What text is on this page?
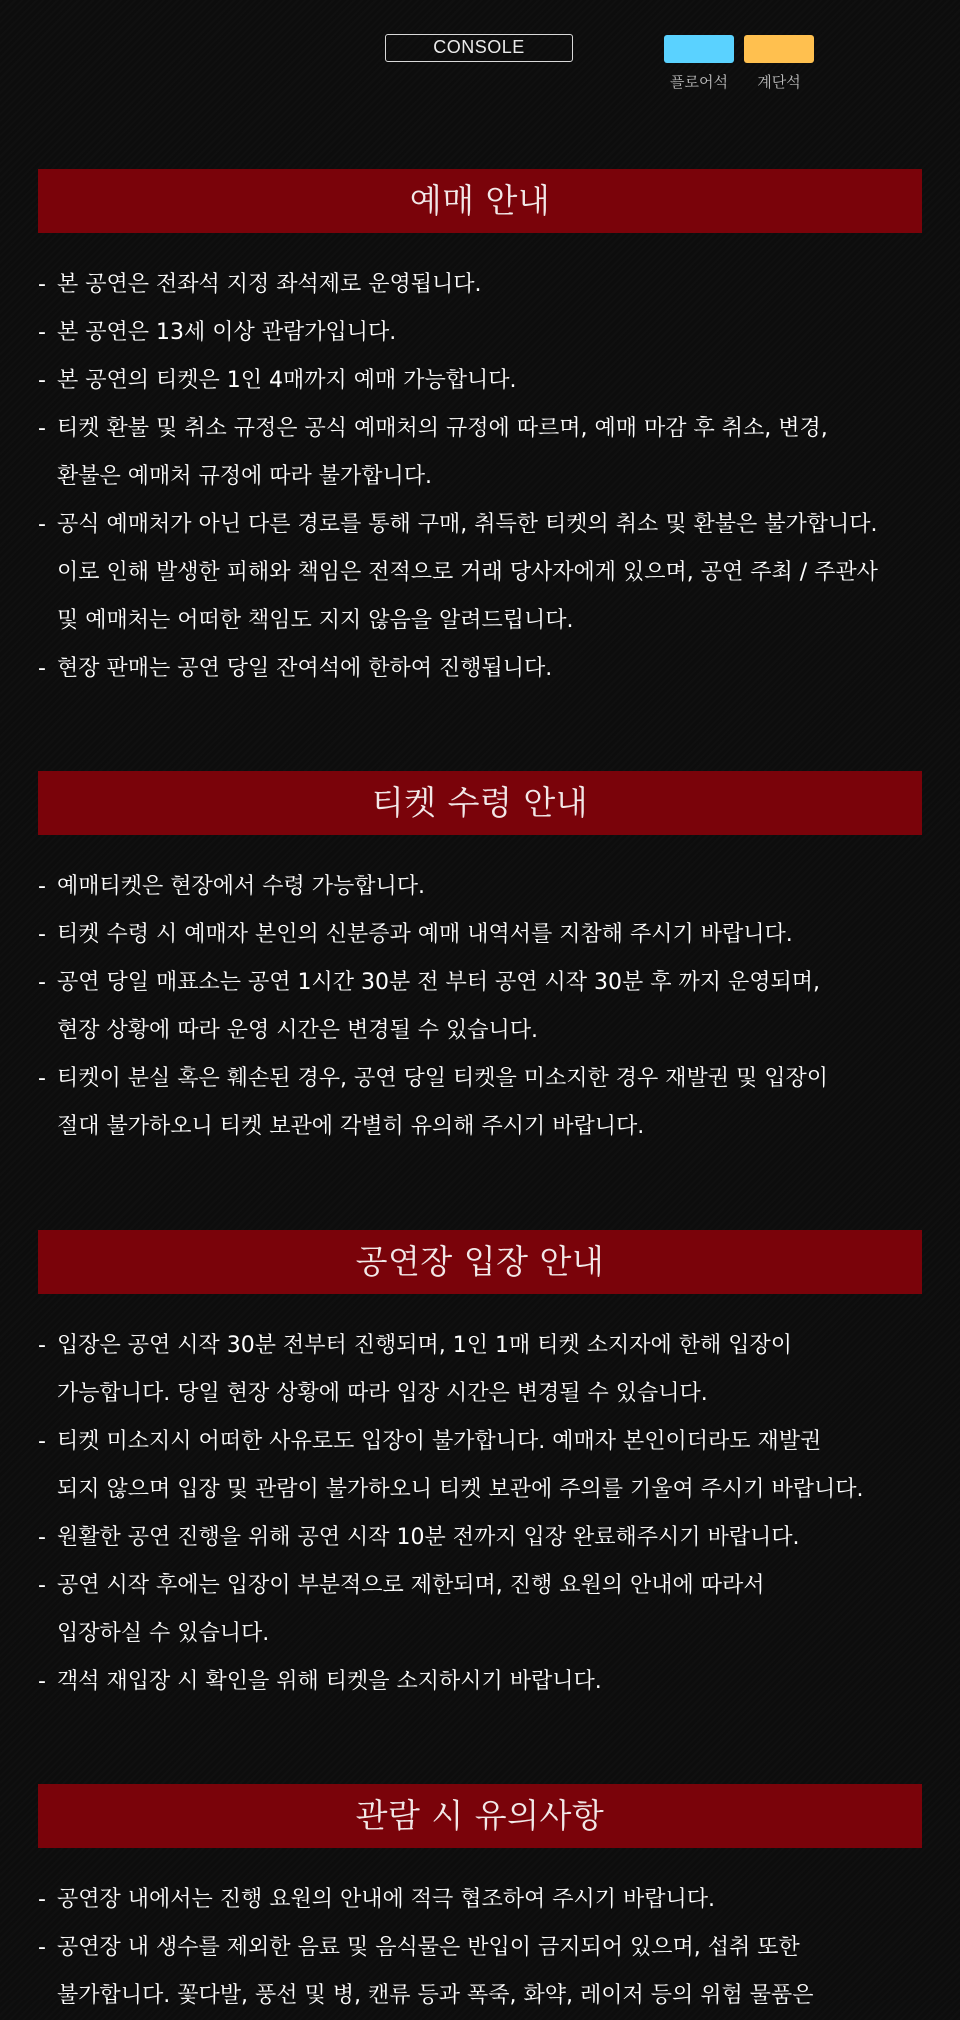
CONSOLE
플로어석	계단석
예매 안내
- 본 공연은 전좌석 지정 좌석제로 운영됩니다.
- 본 공연은 13세 이상 관람가입니다.
- 본 공연의 티켓은 1인 4매까지 예매 가능합니다.
- 티켓 환불 및 취소 규정은 공식 예매처의 규정에 따르며, 예매 마감 후 취소, 변경,
환불은 예매처 규정에 따라 불가합니다.
- 공식 예매처가 아닌 다른 경로를 통해 구매, 취득한 티켓의 취소 및 환불은 불가합니다.
이로 인해 발생한 피해와 책임은 전적으로 거래 당사자에게 있으며, 공연 주최 / 주관사
및 예매처는 어떠한 책임도 지지 않음을 알려드립니다.
- 현장 판매는 공연 당일 잔여석에 한하여 진행됩니다.
티켓 수령 안내
- 예매티켓은 현장에서 수령 가능합니다.
- 티켓 수령 시 예매자 본인의 신분증과 예매 내역서를 지참해 주시기 바랍니다.
- 공연 당일 매표소는 공연 1시간 30분 전 부터 공연 시작 30분 후 까지 운영되며,
현장 상황에 따라 운영 시간은 변경될 수 있습니다.
- 티켓이 분실 혹은 훼손된 경우, 공연 당일 티켓을 미소지한 경우 재발권 및 입장이
절대 불가하오니 티켓 보관에 각별히 유의해 주시기 바랍니다.
공연장 입장 안내
- 입장은 공연 시작 30분 전부터 진행되며, 1인 1매 티켓 소지자에 한해 입장이
가능합니다. 당일 현장 상황에 따라 입장 시간은 변경될 수 있습니다.
- 티켓 미소지시 어떠한 사유로도 입장이 불가합니다. 예매자 본인이더라도 재발권
되지 않으며 입장 및 관람이 불가하오니 티켓 보관에 주의를 기울여 주시기 바랍니다.
- 원활한 공연 진행을 위해 공연 시작 10분 전까지 입장 완료해주시기 바랍니다.
- 공연 시작 후에는 입장이 부분적으로 제한되며, 진행 요원의 안내에 따라서
입장하실 수 있습니다.
- 객석 재입장 시 확인을 위해 티켓을 소지하시기 바랍니다.
관람 시 유의사항
- 공연장 내에서는 진행 요원의 안내에 적극 협조하여 주시기 바랍니다.
- 공연장 내 생수를 제외한 음료 및 음식물은 반입이 금지되어 있으며, 섭취 또한
불가합니다. 꽃다발, 풍선 및 병, 캔류 등과 폭죽, 화약, 레이저 등의 위험 물품은
